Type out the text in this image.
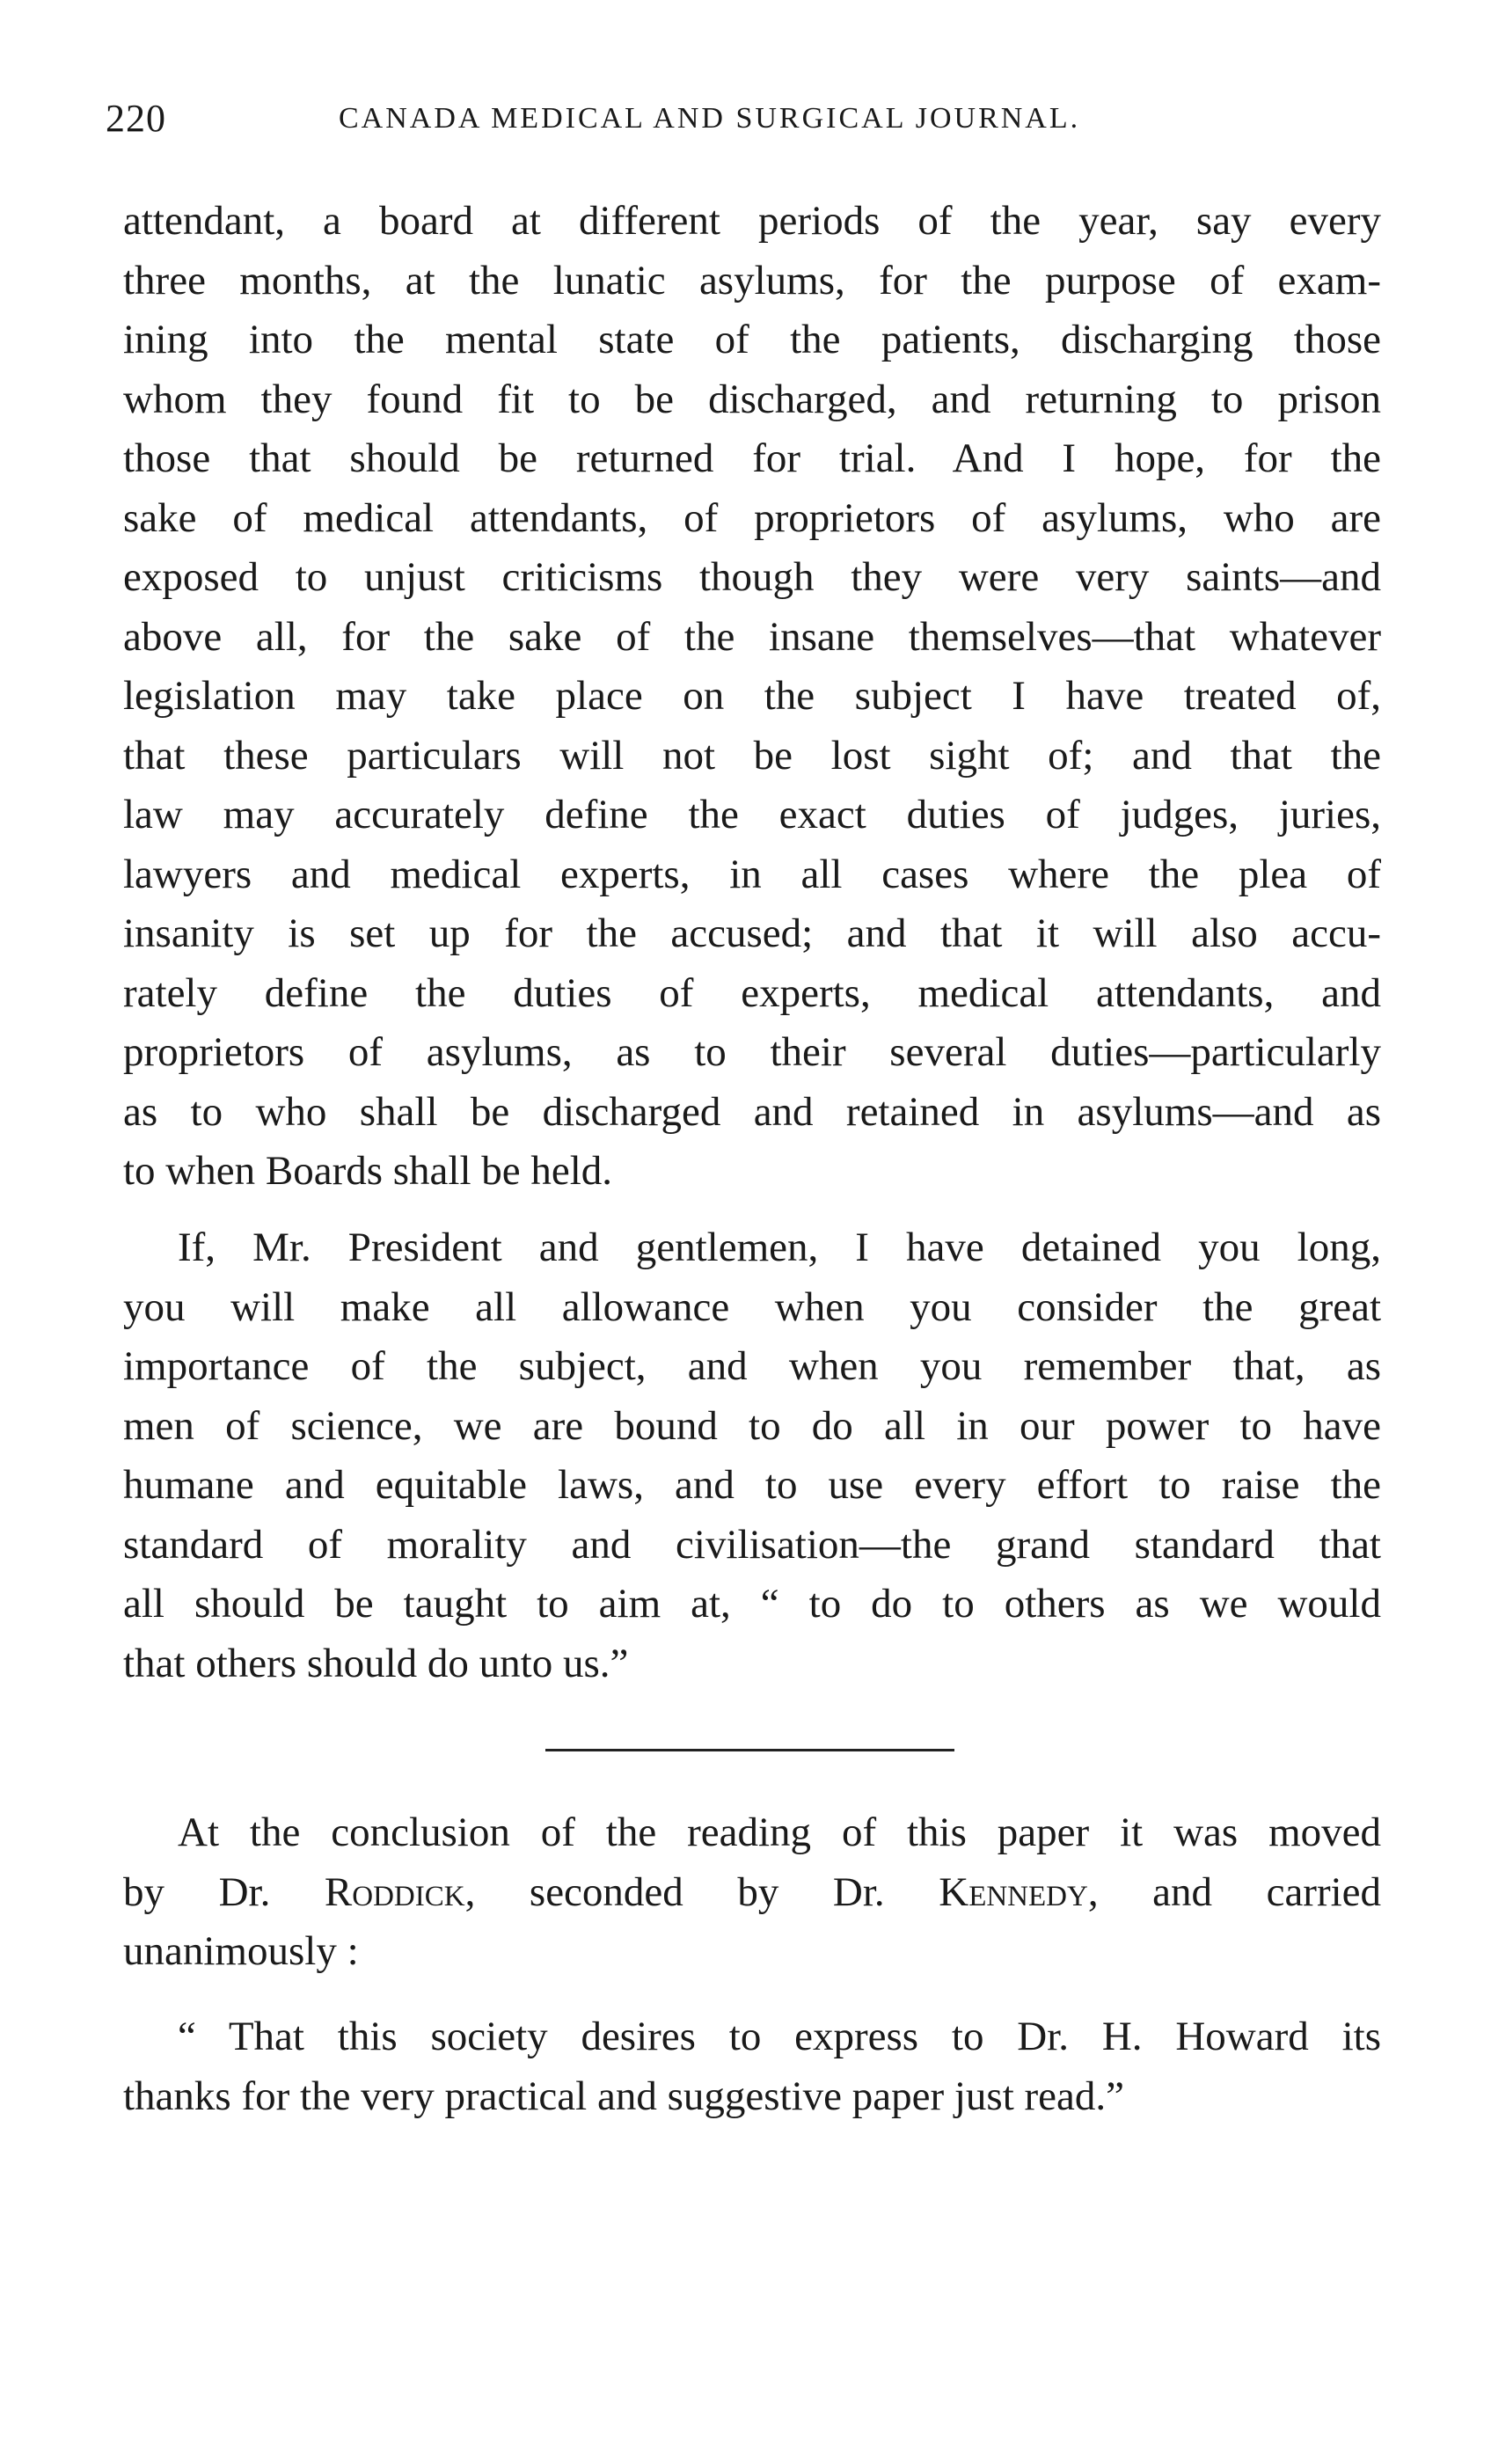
220	CANADA MEDICAL AND SURGICAL JOURNAL.

attendant, a board at different periods of the year, say every
three months, at the lunatic asylums, for the purpose of exam-
ining into the mental state of the patients, discharging those
whom they found fit to be discharged, and returning to prison
those that should be returned for trial. And I hope, for the
sake of medical attendants, of proprietors of asylums, who are
exposed to unjust criticisms though they were very saints—and
above all, for the sake of the insane themselves—that whatever
legislation may take place on the subject I have treated of,
that these particulars will not be lost sight of; and that the
law may accurately define the exact duties of judges, juries,
lawyers and medical experts, in all cases where the plea of
insanity is set up for the accused; and that it will also accu-
rately define the duties of experts, medical attendants, and
proprietors of asylums, as to their several duties—particularly
as to who shall be discharged and retained in asylums—and as
to when Boards shall be held.

If, Mr. President and gentlemen, I have detained you long,
you will make all allowance when you consider the great
importance of the subject, and when you remember that, as
men of science, we are bound to do all in our power to have
humane and equitable laws, and to use every effort to raise the
standard of morality and civilisation—the grand standard that
all should be taught to aim at, “ to do to others as we would
that others should do unto us.”

At the conclusion of the reading of this paper it was moved
by Dr. Roddick, seconded by Dr. Kennedy, and carried
unanimously :

“ That this society desires to express to Dr. H. Howard its
thanks for the very practical and suggestive paper just read.”
